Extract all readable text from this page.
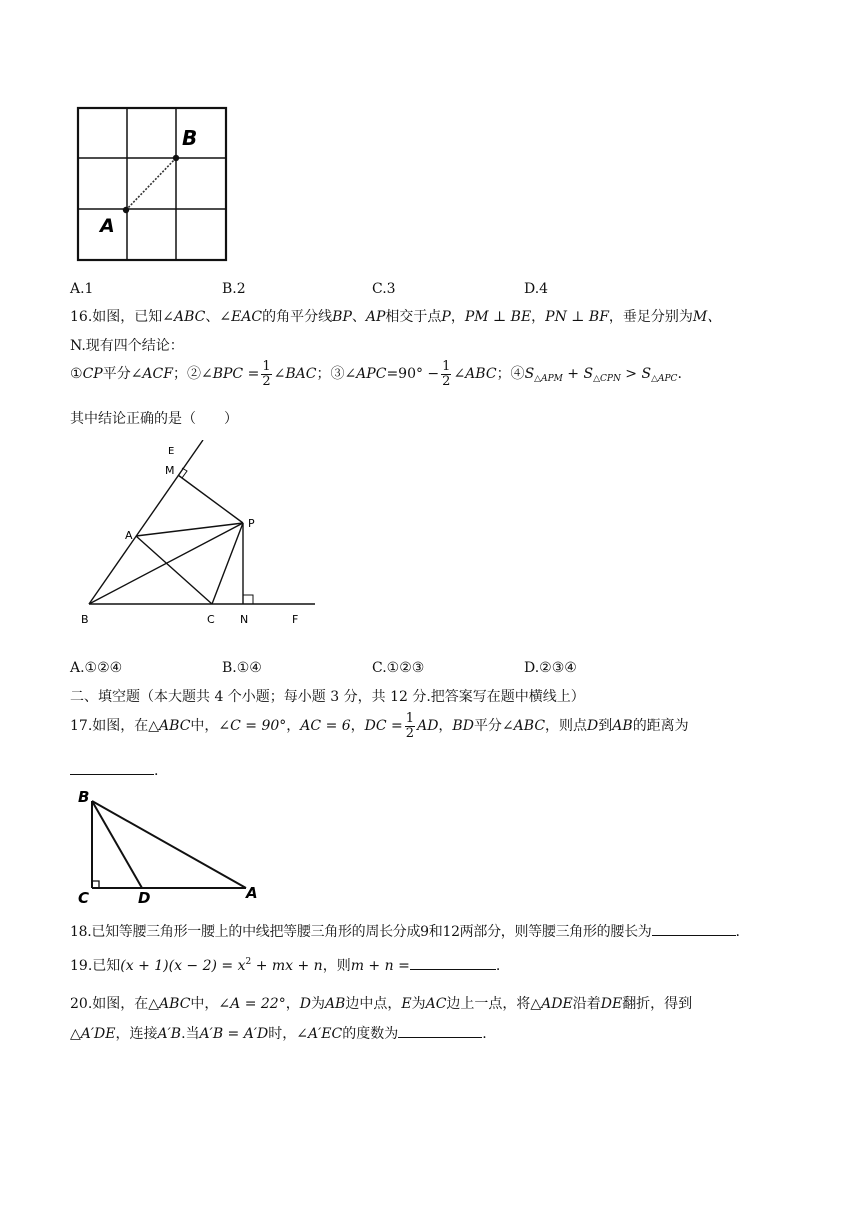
B
A
A.1	B.2	C.3	D.4
16.如图，已知∠ABC、∠EAC的角平分线BP、AP相交于点P，PM ⊥ BE，PN ⊥ BF，垂足分别为M、
N.现有四个结论：
①CP平分∠ACF；②∠BPC = $\frac{1}{2}$ ∠BAC；③∠APC=90° − $\frac{1}{2}$ ∠ABC；$④S_{\triangle APM} + S_{\triangle CPN} > S_{\triangle APC}$.
其中结论正确的是（　　）
E
M
A
P
B	C N	F
A.①②④	B.①④	C.①②③	D.②③④
二、填空题（本大题共 4 个小题；每小题 3 分，共 12 分.把答案写在题中横线上）
17.如图，在△ABC中，∠C = 90°，AC = 6，DC = $\frac{1}{2}$ AD，BD平分∠ABC，则点D到AB的距离为
.
B
C	D	A
18.已知等腰三角形一腰上的中线把等腰三角形的周长分成9和12两部分，则等腰三角形的腰长为	.
19.已知$(x + 1)(x - 2) = x^2$ + mx + n，则m + n =	.
20.如图，在△ABC中，∠A = 22°，D为AB边中点，E为AC边上一点，将△ADE沿着DE翻折，得到
△A′DE，连接A′B.当A′B = A′D时，∠A′EC的度数为	.
